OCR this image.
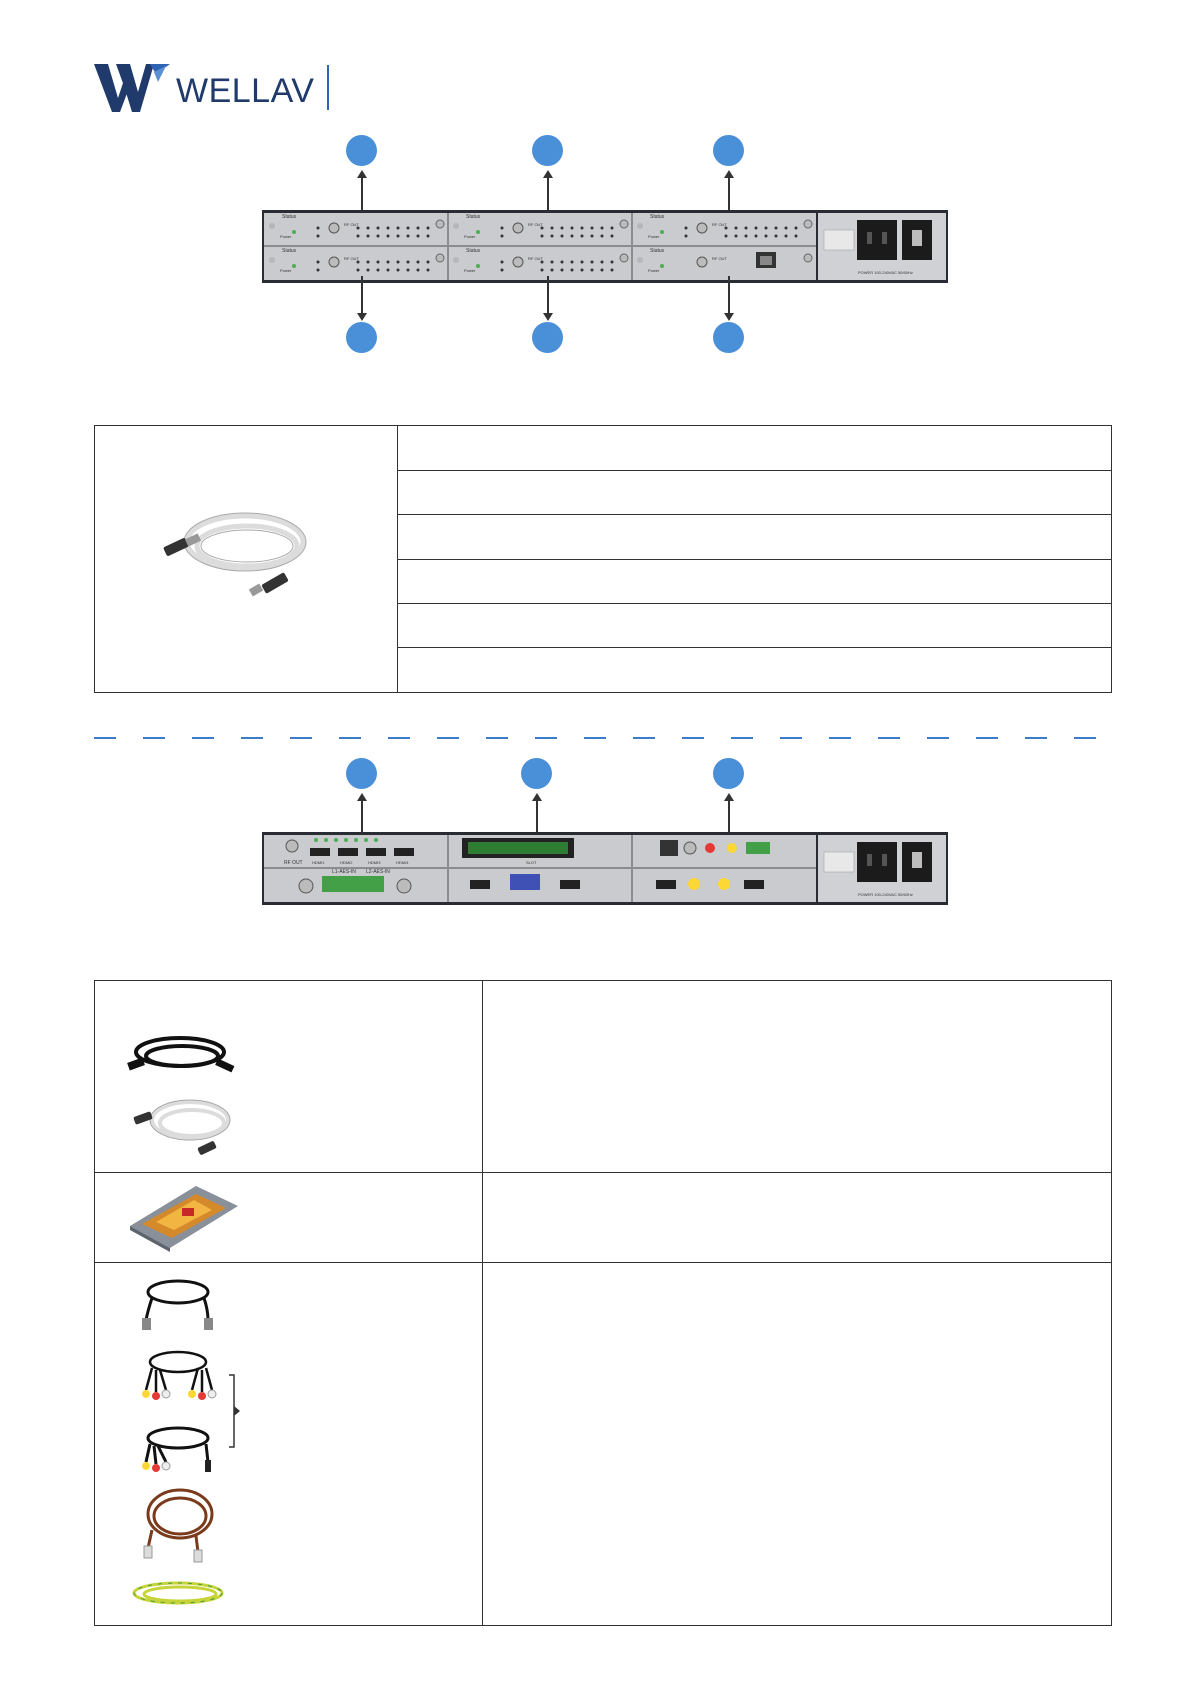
WELLAV
Status
Power
Status
Power
Status
Power
Status
Power
Status
Power
Status
Power
RF OUT	RF OUT	RF OUT
RF OUT	RF OUT	RF OUT
POWER 100-240VAC 50/60Hz
RF OUT HDMI1	HDMI2	HDMI3	HDMI4	SLOT
L1-AES-IN L2-AES-IN
POWER 100-240VAC 50/60Hz
